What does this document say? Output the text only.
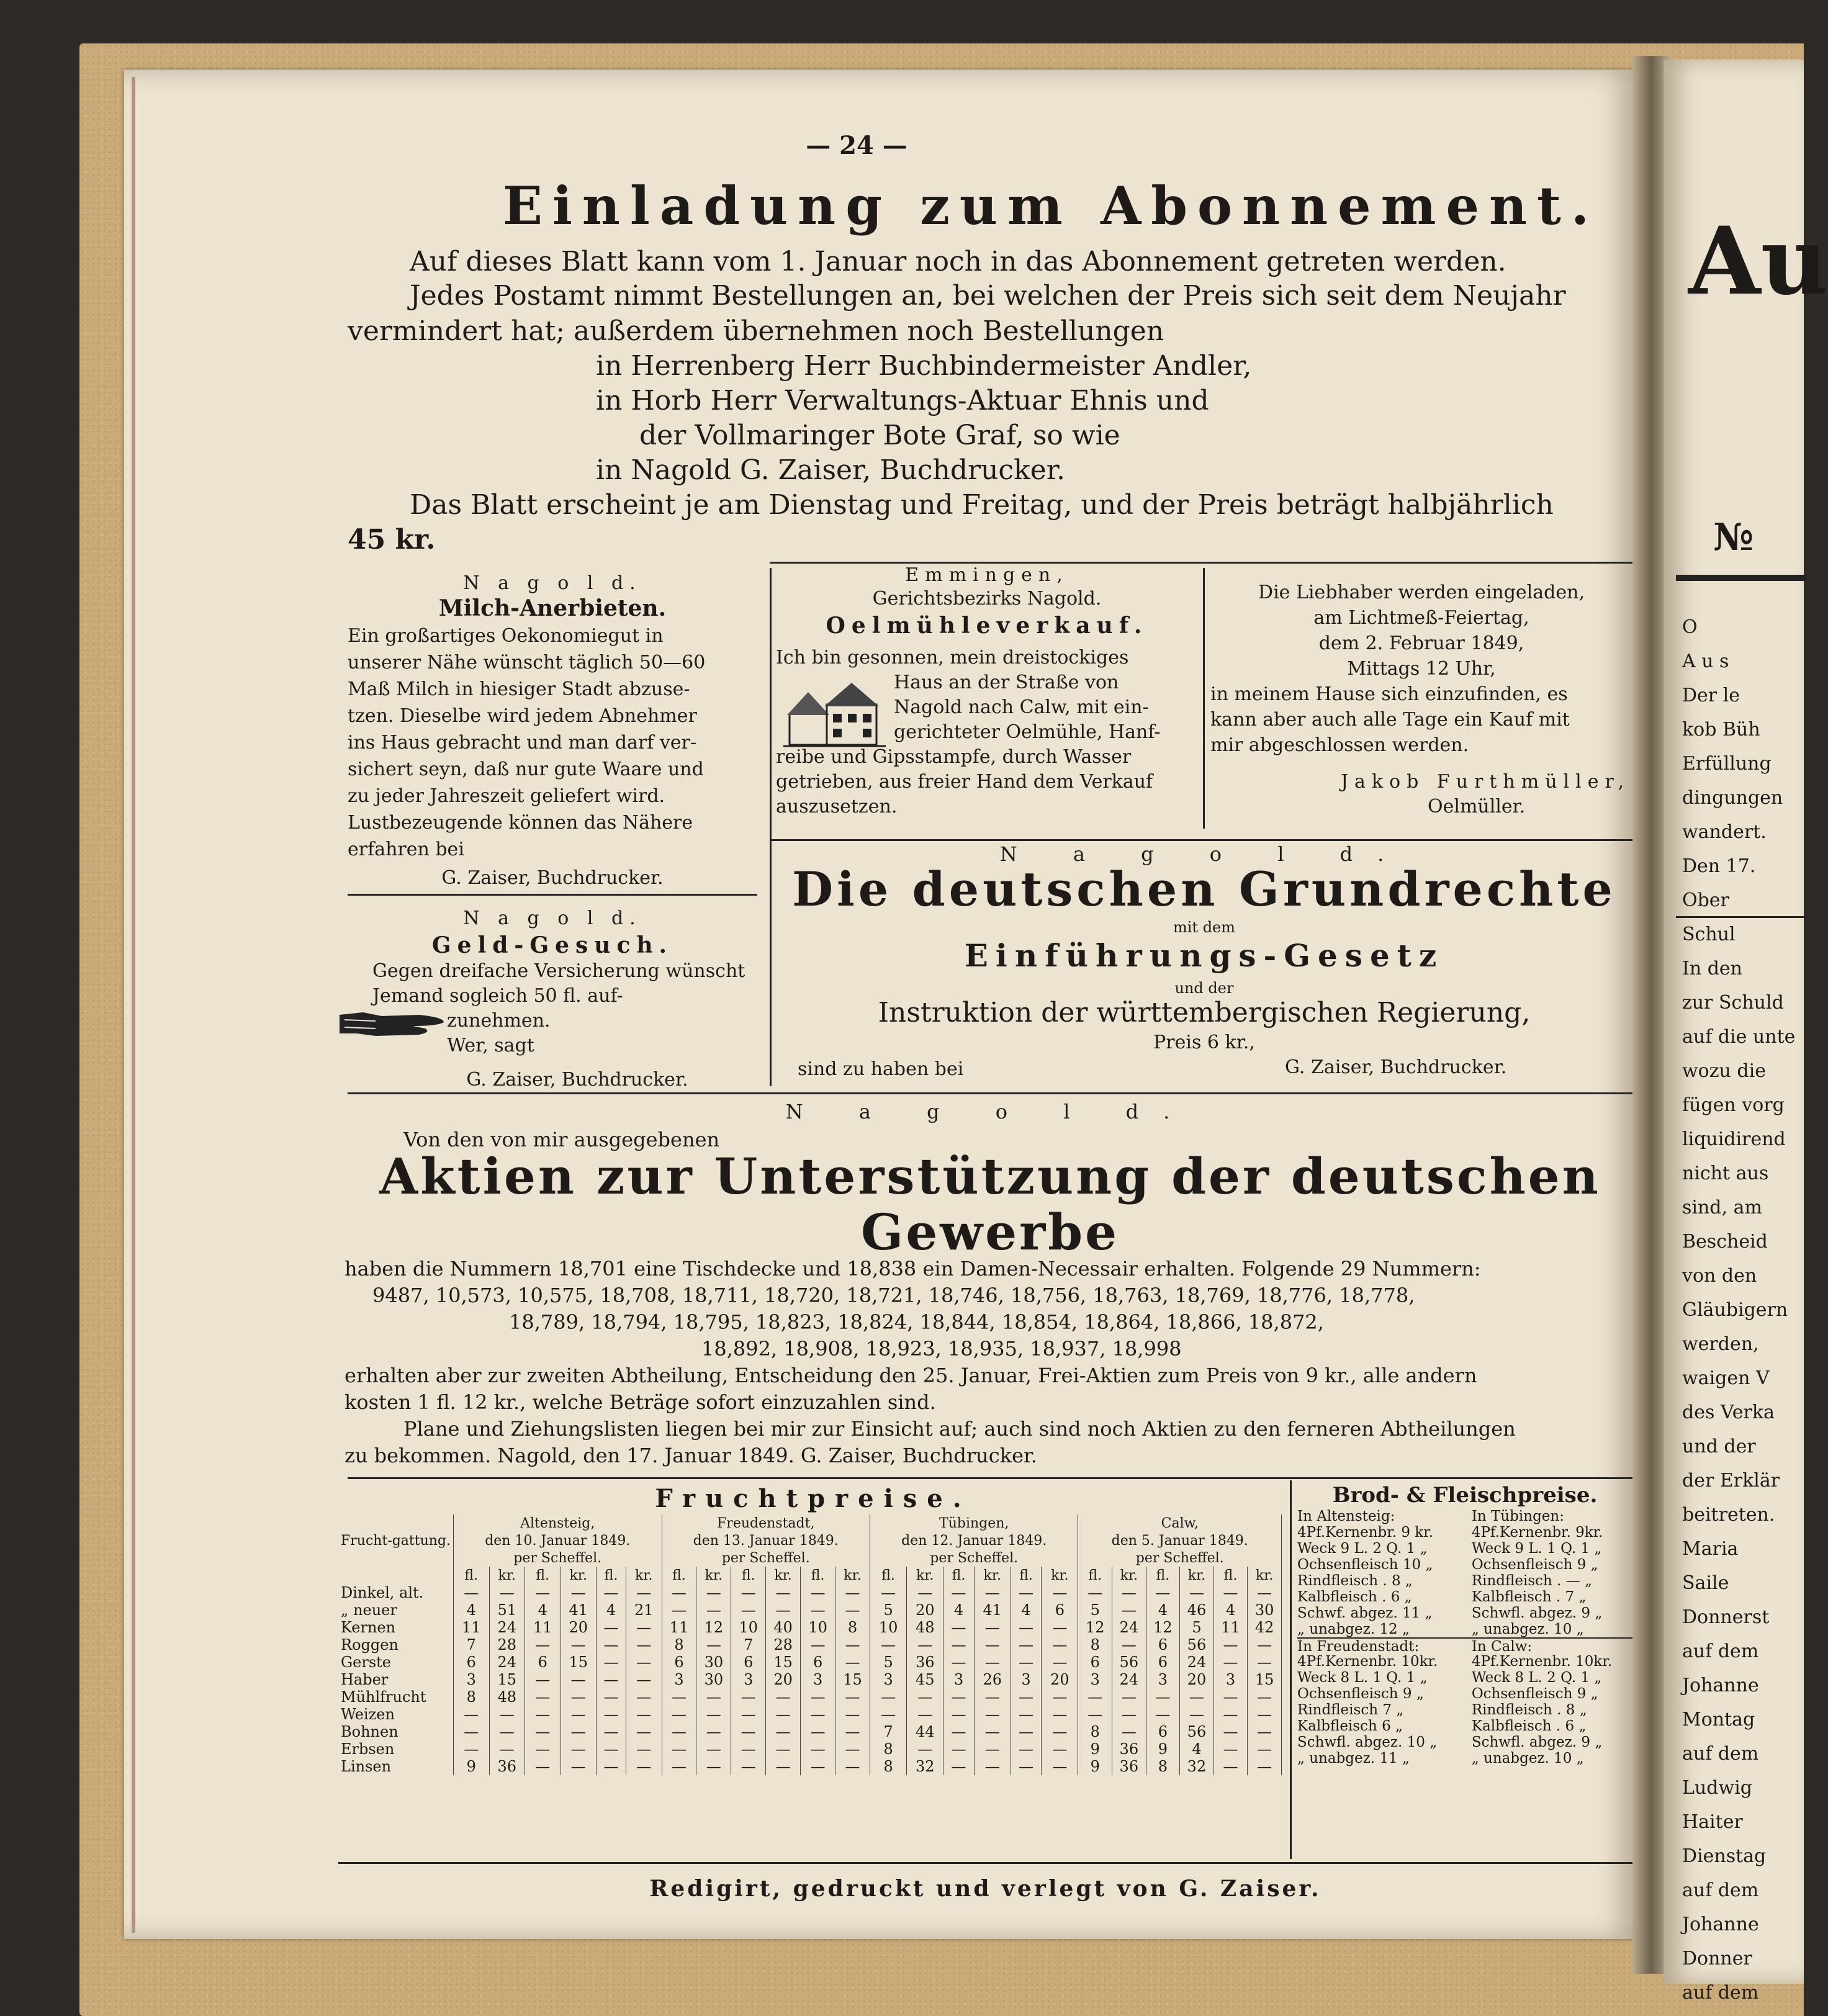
Au
№
O
A u s
Der le
kob Büh
Erfüllung
dingungen
wandert.
Den 17.
Ober
Schul
In den
zur Schuld
auf die unte
wozu die
fügen vorg
liquidirend
nicht aus
sind, am
Bescheid
von den
Gläubigern
werden,
waigen V
des Verka
und der
der Erklär
beitreten.
Maria
Saile
Donnerst
auf dem
Johanne
Montag
auf dem
Ludwig
Haiter
Dienstag
auf dem
Johanne
Donner
auf dem
— 24 —
Einladung zum Abonnement.
Auf dieses Blatt kann vom 1. Januar noch in das Abonnement getreten werden.
Jedes Postamt nimmt Bestellungen an, bei welchen der Preis sich seit dem Neujahr
vermindert hat; außerdem übernehmen noch Bestellungen
in Herrenberg Herr Buchbindermeister Andler,
in Horb Herr Verwaltungs-Aktuar Ehnis und
der Vollmaringer Bote Graf, so wie
in Nagold G. Zaiser, Buchdrucker.
Das Blatt erscheint je am Dienstag und Freitag, und der Preis beträgt halbjährlich
45 kr.
N a g o l d.
Milch-Anerbieten.
Ein großartiges Oekonomiegut in
unserer Nähe wünscht täglich 50—60
Maß Milch in hiesiger Stadt abzuse-
tzen. Dieselbe wird jedem Abnehmer
ins Haus gebracht und man darf ver-
sichert seyn, daß nur gute Waare und
zu jeder Jahreszeit geliefert wird.
Lustbezeugende können das Nähere
erfahren bei
G. Zaiser, Buchdrucker.
Emmingen,
Gerichtsbezirks Nagold.
Oelmühleverkauf.
Ich bin gesonnen, mein dreistockiges
Haus an der Straße von
Nagold nach Calw, mit ein-
gerichteter Oelmühle, Hanf-
reibe und Gipsstampfe, durch Wasser
getrieben, aus freier Hand dem Verkauf
auszusetzen.
Die Liebhaber werden eingeladen,
am Lichtmeß-Feiertag,
dem 2. Februar 1849,
Mittags 12 Uhr,
in meinem Hause sich einzufinden, es
kann aber auch alle Tage ein Kauf mit
mir abgeschlossen werden.
Jakob Furthmüller,
Oelmüller.
N a g o l d.
Geld-Gesuch.
Gegen dreifache Versicherung wünscht
Jemand sogleich 50 fl. auf-
zunehmen.
Wer, sagt
G. Zaiser, Buchdrucker.
N a g o l d.
Die deutschen Grundrechte
mit dem
Einführungs-Gesetz
und der
Instruktion der württembergischen Regierung,
Preis 6 kr.,
sind zu haben bei	G. Zaiser, Buchdrucker.
N a g o l d.
Von den von mir ausgegebenen
Aktien zur Unterstützung der deutschen
Gewerbe
haben die Nummern 18,701 eine Tischdecke und 18,838 ein Damen-Necessair erhalten. Folgende 29 Nummern:
9487, 10,573, 10,575, 18,708, 18,711, 18,720, 18,721, 18,746, 18,756, 18,763, 18,769, 18,776, 18,778,
18,789, 18,794, 18,795, 18,823, 18,824, 18,844, 18,854, 18,864, 18,866, 18,872,
18,892, 18,908, 18,923, 18,935, 18,937, 18,998
erhalten aber zur zweiten Abtheilung, Entscheidung den 25. Januar, Frei-Aktien zum Preis von 9 kr., alle andern
kosten 1 fl. 12 kr., welche Beträge sofort einzuzahlen sind.
Plane und Ziehungslisten liegen bei mir zur Einsicht auf; auch sind noch Aktien zu den ferneren Abtheilungen
zu bekommen. Nagold, den 17. Januar 1849. G. Zaiser, Buchdrucker.
Fruchtpreise.
Frucht-gattung.	Altensteig,						Freudenstadt,						Tübingen,						Calw,					
	den 10. Januar 1849.						den 13. Januar 1849.						den 12. Januar 1849.						den 5. Januar 1849.					
	per Scheffel.						per Scheffel.						per Scheffel.						per Scheffel.					
	fl.	kr.	fl.	kr.	fl.	kr.	fl.	kr.	fl.	kr.	fl.	kr.	fl.	kr.	fl.	kr.	fl.	kr.	fl.	kr.	fl.	kr.	fl.	kr.
Dinkel, alt.	—	—	—	—	—	—	—	—	—	—	—	—	—	—	—	—	—	—	—	—	—	—	—	—
„ neuer	4	51	4	41	4	21	—	—	—	—	—	—	5	20	4	41	4	6	5	—	4	46	4	30
Kernen	11	24	11	20	—	—	11	12	10	40	10	8	10	48	—	—	—	—	12	24	12	5	11	42
Roggen	7	28	—	—	—	—	8	—	7	28	—	—	—	—	—	—	—	—	8	—	6	56	—	—
Gerste	6	24	6	15	—	—	6	30	6	15	6	—	5	36	—	—	—	—	6	56	6	24	—	—
Haber	3	15	—	—	—	—	3	30	3	20	3	15	3	45	3	26	3	20	3	24	3	20	3	15
Mühlfrucht	8	48	—	—	—	—	—	—	—	—	—	—	—	—	—	—	—	—	—	—	—	—	—	—
Weizen	—	—	—	—	—	—	—	—	—	—	—	—	—	—	—	—	—	—	—	—	—	—	—	—
Bohnen	—	—	—	—	—	—	—	—	—	—	—	—	7	44	—	—	—	—	8	—	6	56	—	—
Erbsen	—	—	—	—	—	—	—	—	—	—	—	—	8	—	—	—	—	—	9	36	9	4	—	—
Linsen	9	36	—	—	—	—	—	—	—	—	—	—	8	32	—	—	—	—	9	36	8	32	—	—
Brod- & Fleischpreise.
In Altensteig:	In Tübingen:
4Pf.Kernenbr. 9 kr.	4Pf.Kernenbr. 9kr.
Weck 9 L. 2 Q. 1 „	Weck 9 L. 1 Q. 1 „
Ochsenfleisch 10 „	Ochsenfleisch 9 „
Rindfleisch . 8 „	Rindfleisch . — „
Kalbfleisch . 6 „	Kalbfleisch . 7 „
Schwf. abgez. 11 „	Schwfl. abgez. 9 „
„ unabgez. 12 „	„ unabgez. 10 „
In Freudenstadt:	In Calw:
4Pf.Kernenbr. 10kr.	4Pf.Kernenbr. 10kr.
Weck 8 L. 1 Q. 1 „	Weck 8 L. 2 Q. 1 „
Ochsenfleisch 9 „	Ochsenfleisch 9 „
Rindfleisch 7 „	Rindfleisch . 8 „
Kalbfleisch 6 „	Kalbfleisch . 6 „
Schwfl. abgez. 10 „	Schwfl. abgez. 9 „
„ unabgez. 11 „	„ unabgez. 10 „
Redigirt, gedruckt und verlegt von G. Zaiser.
